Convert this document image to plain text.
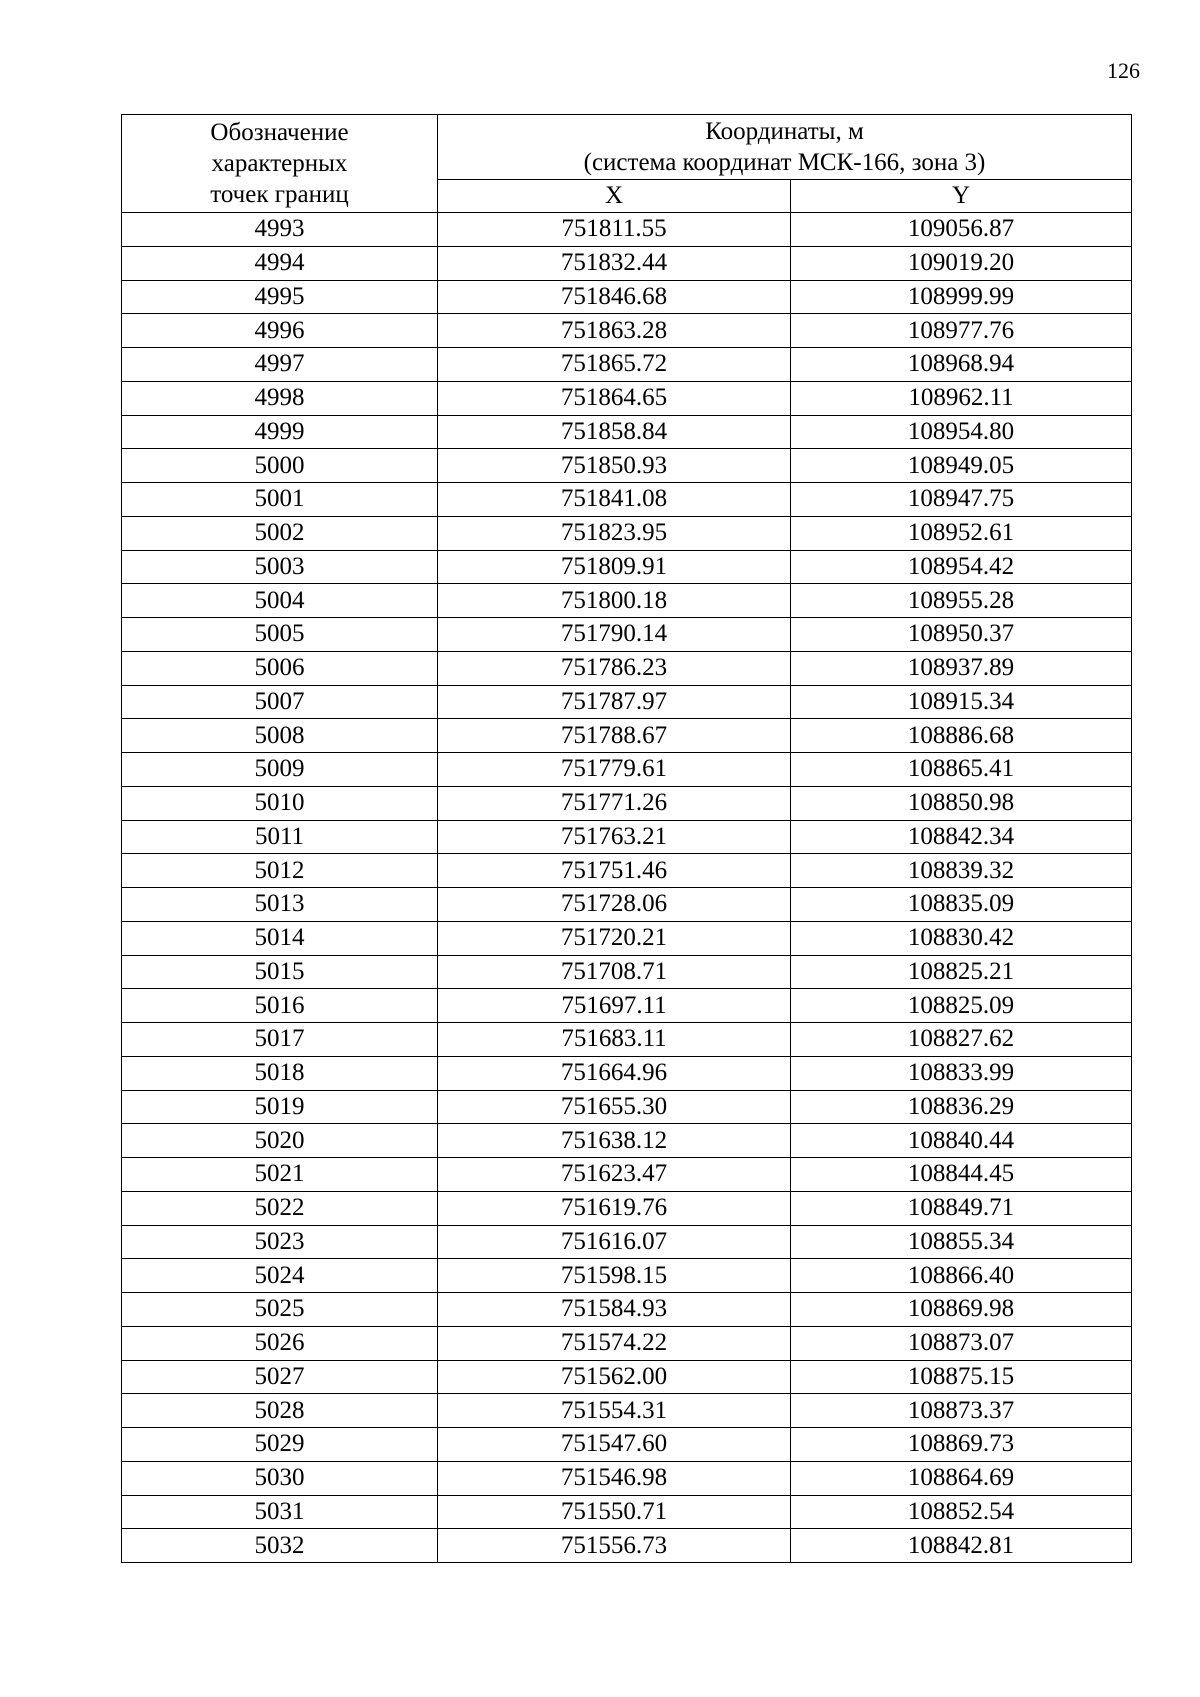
126
Обозначение
характерных
точек границ	Координаты, м
(система координат МСК-166, зона 3)	

	X	Y
4993	751811.55	109056.87
4994	751832.44	109019.20
4995	751846.68	108999.99
4996	751863.28	108977.76
4997	751865.72	108968.94
4998	751864.65	108962.11
4999	751858.84	108954.80
5000	751850.93	108949.05
5001	751841.08	108947.75
5002	751823.95	108952.61
5003	751809.91	108954.42
5004	751800.18	108955.28
5005	751790.14	108950.37
5006	751786.23	108937.89
5007	751787.97	108915.34
5008	751788.67	108886.68
5009	751779.61	108865.41
5010	751771.26	108850.98
5011	751763.21	108842.34
5012	751751.46	108839.32
5013	751728.06	108835.09
5014	751720.21	108830.42
5015	751708.71	108825.21
5016	751697.11	108825.09
5017	751683.11	108827.62
5018	751664.96	108833.99
5019	751655.30	108836.29
5020	751638.12	108840.44
5021	751623.47	108844.45
5022	751619.76	108849.71
5023	751616.07	108855.34
5024	751598.15	108866.40
5025	751584.93	108869.98
5026	751574.22	108873.07
5027	751562.00	108875.15
5028	751554.31	108873.37
5029	751547.60	108869.73
5030	751546.98	108864.69
5031	751550.71	108852.54
5032	751556.73	108842.81
